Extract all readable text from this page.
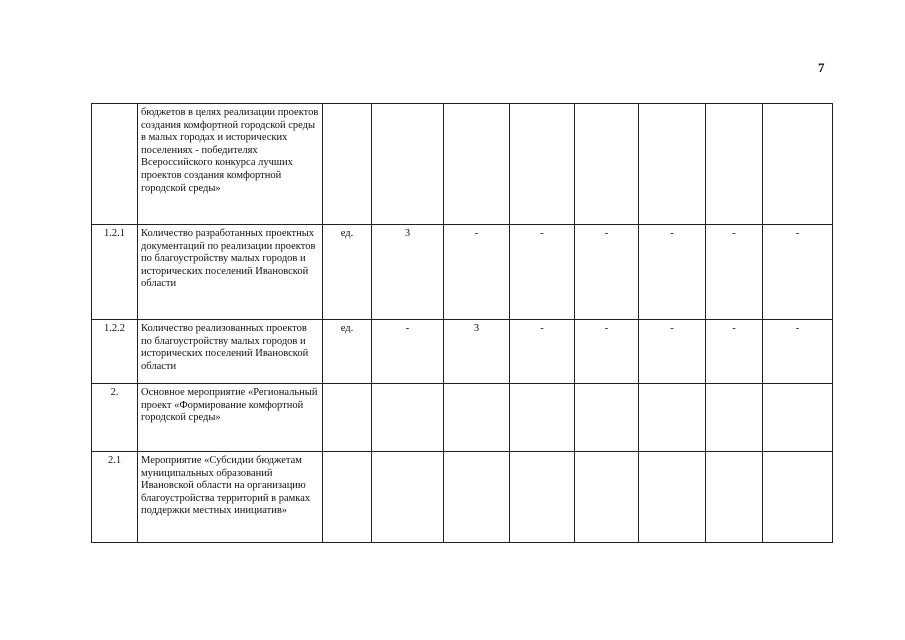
7
	бюджетов в целях реализации проектов создания комфортной городской среды в малых городах и исторических поселениях - победителях Всероссийского конкурса лучших проектов создания комфортной городской среды»								
1.2.1	Количество разработанных проектных документаций по реализации проектов по благоустройству малых городов и исторических поселений Ивановской области	ед.	3	-	-	-	-	-	-
1.2.2	Количество реализованных проектов по благоустройству малых городов и исторических поселений Ивановской области	ед.	-	3	-	-	-	-	-
2.	Основное мероприятие «Региональный проект «Формирование комфортной городской среды»								
2.1	Мероприятие «Субсидии бюджетам муниципальных образований Ивановской области на организацию благоустройства территорий в рамках поддержки местных инициатив»								
